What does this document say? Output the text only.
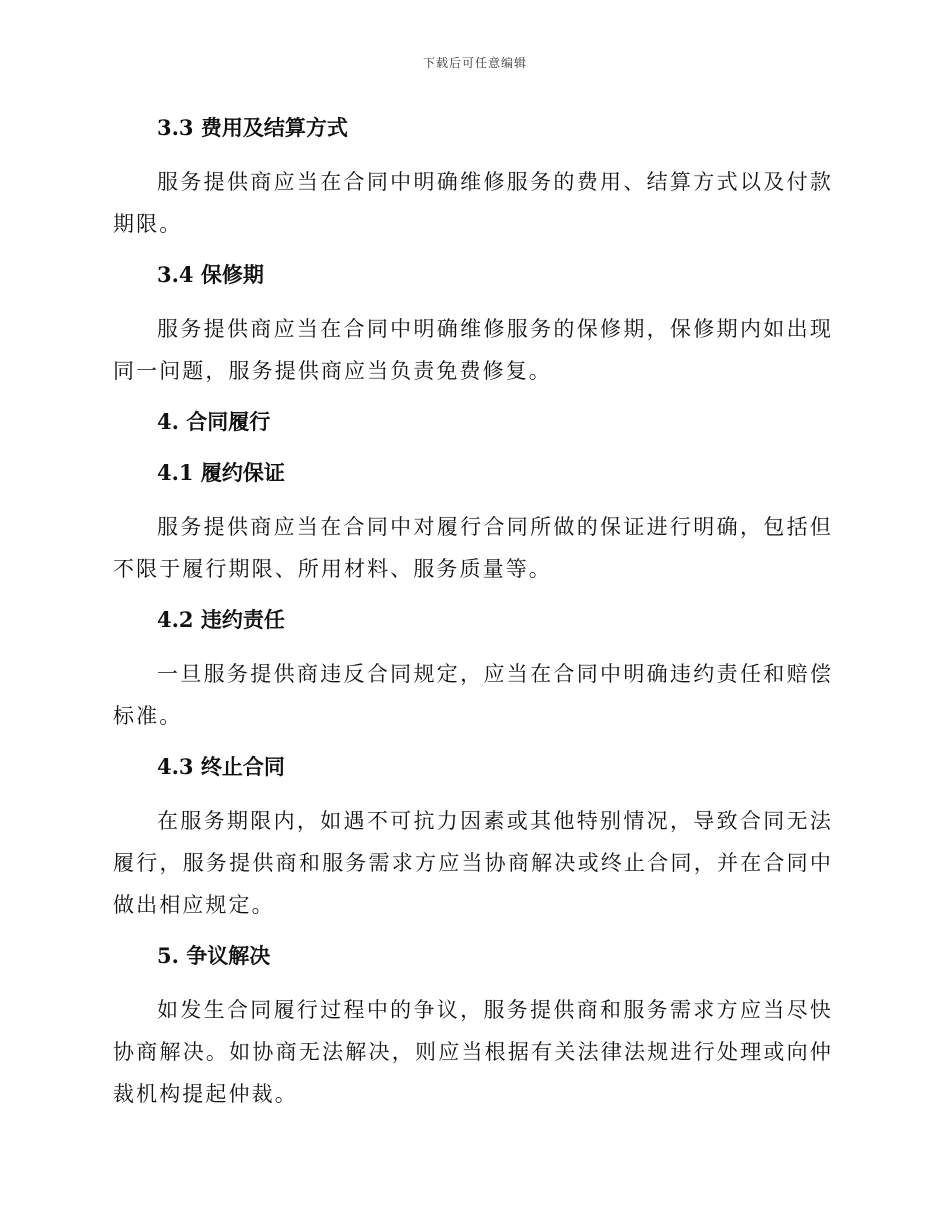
下载后可任意编辑
3.3 费用及结算方式

服务提供商应当在合同中明确维修服务的费用、结算方式以及付款期限。

3.4 保修期

服务提供商应当在合同中明确维修服务的保修期，保修期内如出现同一问题，服务提供商应当负责免费修复。

4. 合同履行
4.1 履约保证

服务提供商应当在合同中对履行合同所做的保证进行明确，包括但不限于履行期限、所用材料、服务质量等。

4.2 违约责任

一旦服务提供商违反合同规定，应当在合同中明确违约责任和赔偿标准。

4.3 终止合同

在服务期限内，如遇不可抗力因素或其他特别情况，导致合同无法履行，服务提供商和服务需求方应当协商解决或终止合同，并在合同中做出相应规定。

5. 争议解决

如发生合同履行过程中的争议，服务提供商和服务需求方应当尽快协商解决。如协商无法解决，则应当根据有关法律法规进行处理或向仲裁机构提起仲裁。
